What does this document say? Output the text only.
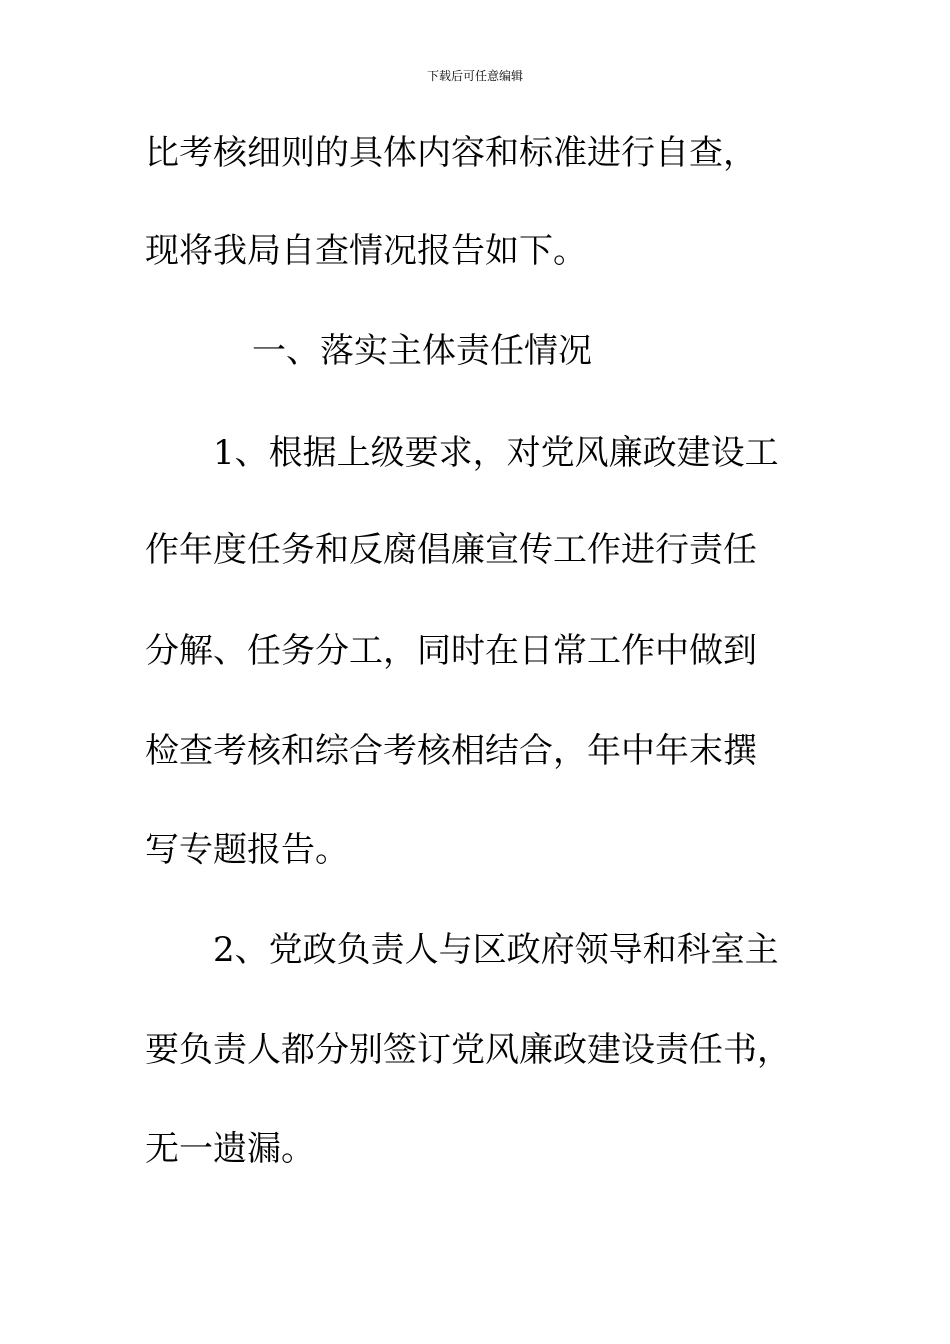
下载后可任意编辑
比考核细则的具体内容和标准进行自查，
现将我局自查情况报告如下。
一、落实主体责任情况
1、根据上级要求，对党风廉政建设工
作年度任务和反腐倡廉宣传工作进行责任
分解、任务分工，同时在日常工作中做到
检查考核和综合考核相结合，年中年末撰
写专题报告。
2、党政负责人与区政府领导和科室主
要负责人都分别签订党风廉政建设责任书，
无一遗漏。
